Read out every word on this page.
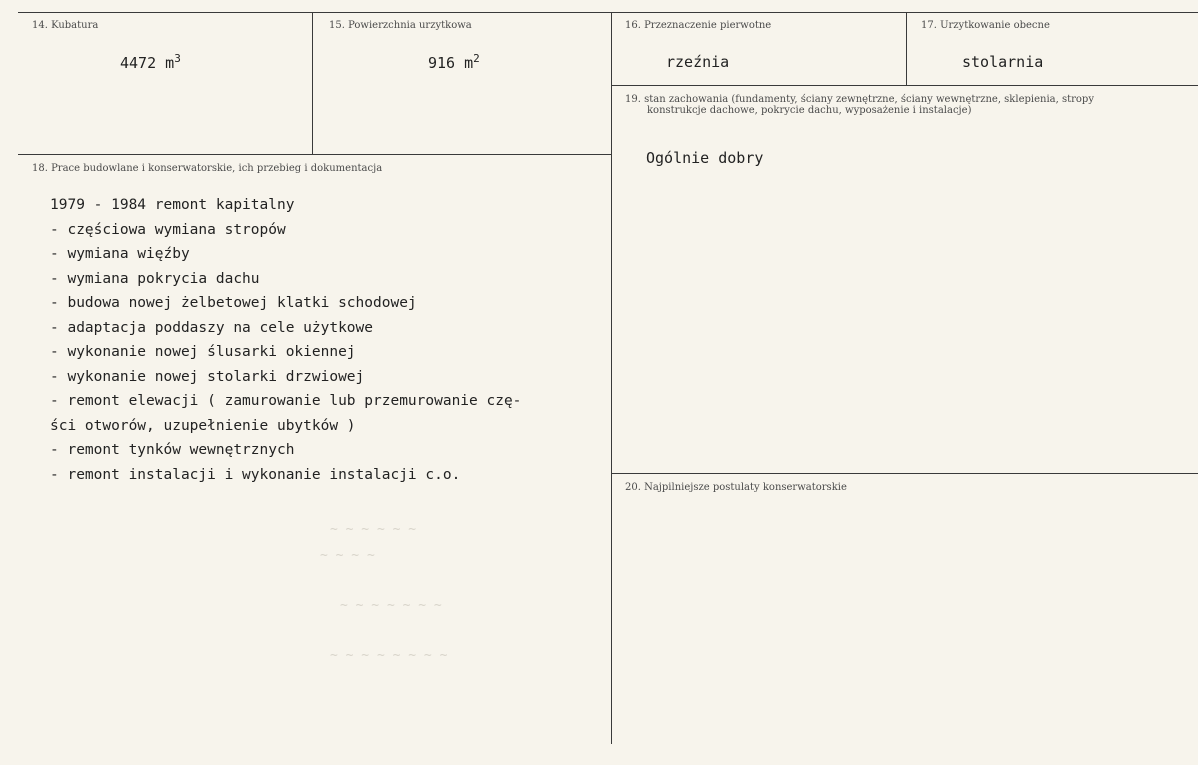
14. Kubatura
4472 $m^3$
15. Powierzchnia urzytkowa
916 $m^2$
16. Przeznaczenie pierwotne
rzeźnia
17. Urzytkowanie obecne
stolarnia
19. stan zachowania (fundamenty, ściany zewnętrzne, ściany wewnętrzne, sklepienia, stropy
konstrukcje dachowe, pokrycie dachu, wyposażenie i instalacje)
Ogólnie dobry
18. Prace budowlane i konserwatorskie, ich przebieg i dokumentacja
1979 - 1984 remont kapitalny
- częściowa wymiana stropów
- wymiana więźby
- wymiana pokrycia dachu
- budowa nowej żelbetowej klatki schodowej
- adaptacja poddaszy na cele użytkowe
- wykonanie nowej ślusarki okiennej
- wykonanie nowej stolarki drzwiowej
- remont elewacji ( zamurowanie lub przemurowanie czę-
ści otworów, uzupełnienie ubytków )
- remont tynków wewnętrznych
- remont instalacji i wykonanie instalacji c.o.
20. Najpilniejsze postulaty konserwatorskie
~ ~ ~ ~ ~ ~
~ ~ ~ ~
~ ~ ~ ~ ~ ~ ~
~ ~ ~ ~ ~ ~ ~ ~
